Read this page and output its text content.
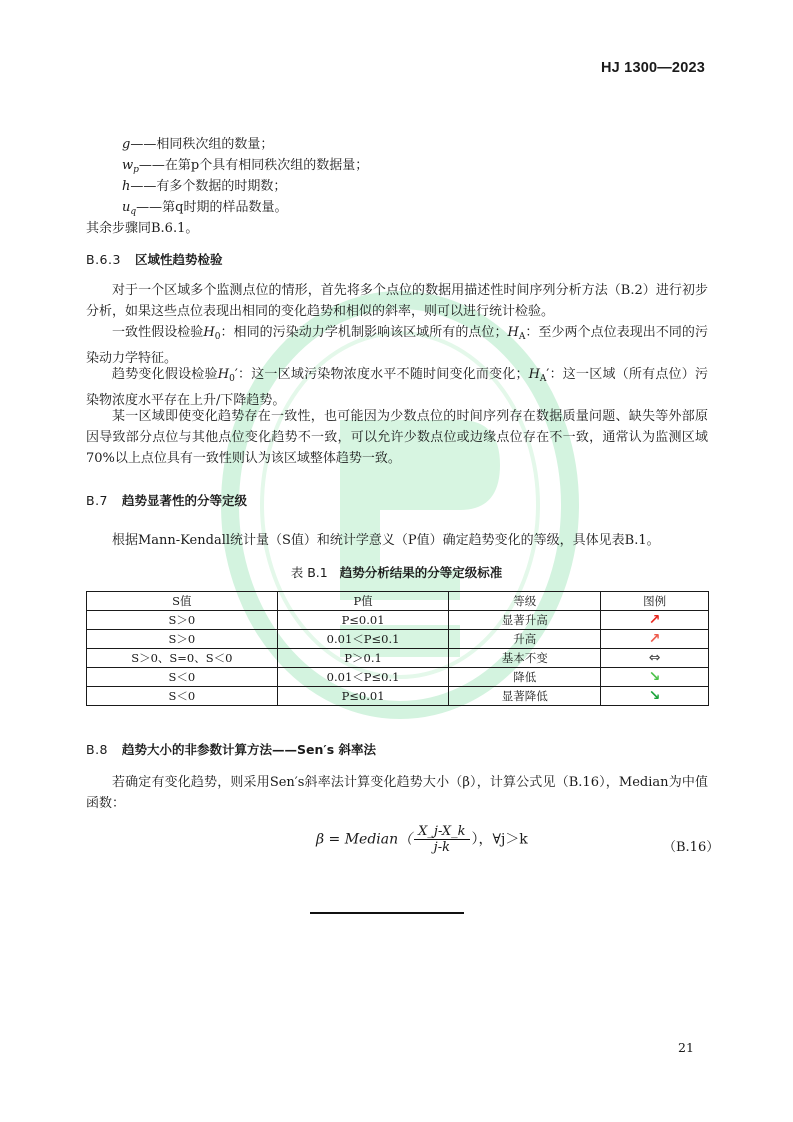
HJ 1300—2023
g——相同秩次组的数量；
$w_p——$在第p个具有相同秩次组的数据量；
h——有多个数据的时期数；
$u_q——$第q时期的样品数量。
其余步骤同B.6.1。
B.6.3 区域性趋势检验
对于一个区域多个监测点位的情形，首先将多个点位的数据用描述性时间序列分析方法（B.2）进行初步分析，如果这些点位表现出相同的变化趋势和相似的斜率，则可以进行统计检验。
一致性假设检验$H_0$：相同的污染动力学机制影响该区域所有的点位；$H_A$：至少两个点位表现出不同的污染动力学特征。
趋势变化假设检验$H_0'$：这一区域污染物浓度水平不随时间变化而变化；$H_A'$：这一区域（所有点位）污染物浓度水平存在上升/下降趋势。
某一区域即使变化趋势存在一致性，也可能因为少数点位的时间序列存在数据质量问题、缺失等外部原因导致部分点位与其他点位变化趋势不一致，可以允许少数点位或边缘点位存在不一致，通常认为监测区域70%以上点位具有一致性则认为该区域整体趋势一致。
B.7 趋势显著性的分等定级
根据Mann-Kendall统计量（S值）和统计学意义（P值）确定趋势变化的等级，具体见表B.1。
表 B.1 趋势分析结果的分等定级标准
S值	P值	等级	图例
S＞0	P≤0.01	显著升高	↗
S＞0	0.01＜P≤0.1	升高	↗
S＞0、S=0、S＜0	P＞0.1	基本不变	⇔
S＜0	0.01＜P≤0.1	降低	↘
S＜0	P≤0.01	显著降低	↘
B.8 趋势大小的非参数计算方法——Sen′s 斜率法
若确定有变化趋势，则采用Sen′s斜率法计算变化趋势大小（β），计算公式见（B.16），Median为中值函数：
β = Median（ $\frac{X\_j-X\_k}{j-k}$ ），∀j＞k	（B.16）
21
